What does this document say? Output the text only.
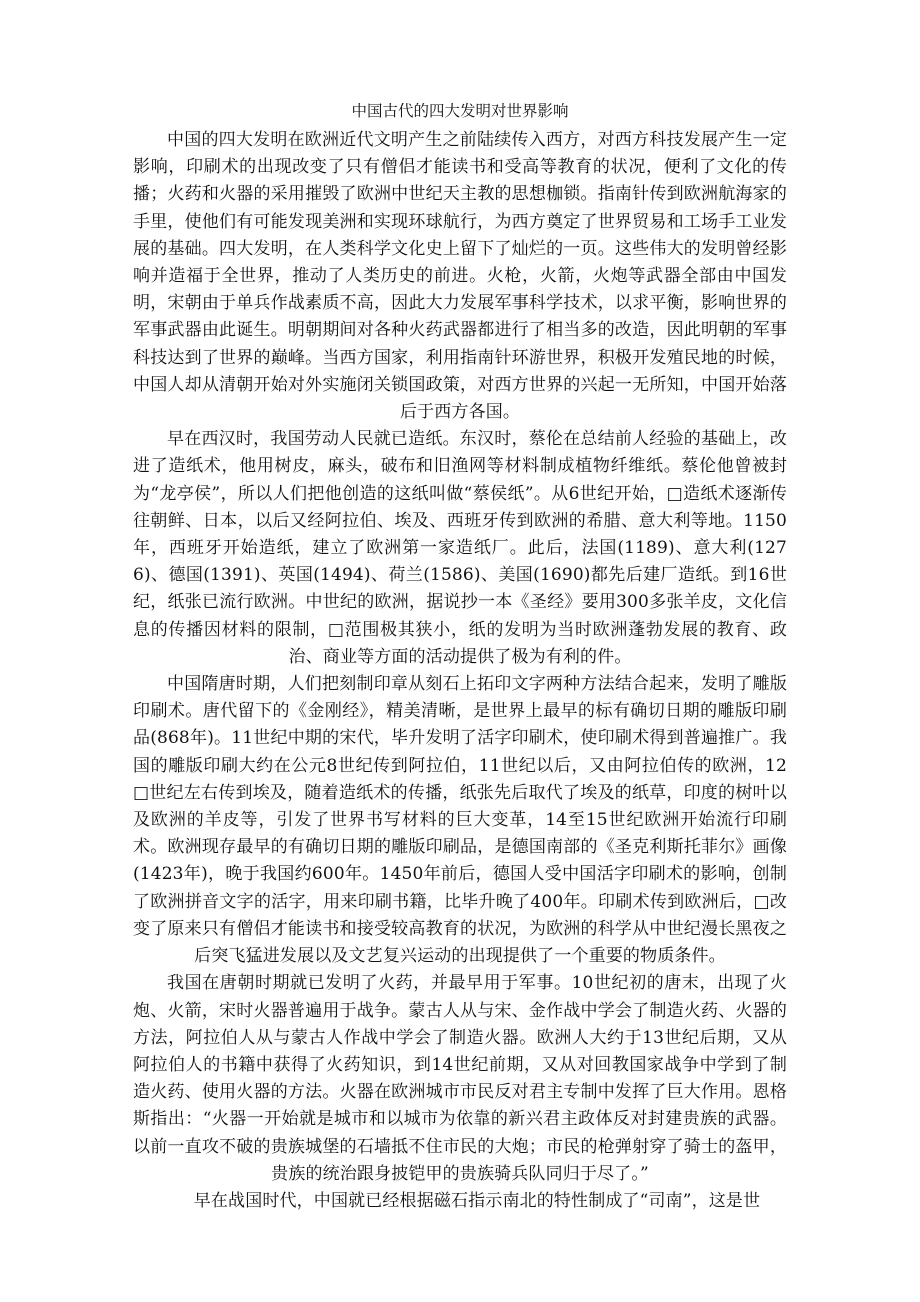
中国古代的四大发明对世界影响

中国的四大发明在欧洲近代文明产生之前陆续传入西方，对西方科技发展产生一定影响，印刷术的出现改变了只有僧侣才能读书和受高等教育的状况，便利了文化的传播；火药和火器的采用摧毁了欧洲中世纪天主教的思想枷锁。指南针传到欧洲航海家的手里，使他们有可能发现美洲和实现环球航行，为西方奠定了世界贸易和工场手工业发展的基础。四大发明，在人类科学文化史上留下了灿烂的一页。这些伟大的发明曾经影响并造福于全世界，推动了人类历史的前进。火枪，火箭，火炮等武器全部由中国发明，宋朝由于单兵作战素质不高，因此大力发展军事科学技术，以求平衡，影响世界的军事武器由此诞生。明朝期间对各种火药武器都进行了相当多的改造，因此明朝的军事科技达到了世界的巅峰。当西方国家，利用指南针环游世界，积极开发殖民地的时候，中国人却从清朝开始对外实施闭关锁国政策，对西方世界的兴起一无所知，中国开始落后于西方各国。

早在西汉时，我国劳动人民就已造纸。东汉时，蔡伦在总结前人经验的基础上，改进了造纸术，他用树皮，麻头，破布和旧渔网等材料制成植物纤维纸。蔡伦他曾被封为“龙亭侯”，所以人们把他创造的这纸叫做“蔡侯纸”。从6世纪开始，□造纸术逐渐传往朝鲜、日本，以后又经阿拉伯、埃及、西班牙传到欧洲的希腊、意大利等地。1150年，西班牙开始造纸，建立了欧洲第一家造纸厂。此后，法国(1189)、意大利(1276)、德国(1391)、英国(1494)、荷兰(1586)、美国(1690)都先后建厂造纸。到16世纪，纸张已流行欧洲。中世纪的欧洲，据说抄一本《圣经》要用300多张羊皮，文化信息的传播因材料的限制，□范围极其狭小，纸的发明为当时欧洲蓬勃发展的教育、政治、商业等方面的活动提供了极为有利的件。

中国隋唐时期，人们把刻制印章从刻石上拓印文字两种方法结合起来，发明了雕版印刷术。唐代留下的《金刚经》，精美清晰，是世界上最早的标有确切日期的雕版印刷品(868年)。11世纪中期的宋代，毕升发明了活字印刷术，使印刷术得到普遍推广。我国的雕版印刷大约在公元8世纪传到阿拉伯，11世纪以后，又由阿拉伯传的欧洲，12□世纪左右传到埃及，随着造纸术的传播，纸张先后取代了埃及的纸草，印度的树叶以及欧洲的羊皮等，引发了世界书写材料的巨大变革，14至15世纪欧洲开始流行印刷术。欧洲现存最早的有确切日期的雕版印刷品，是德国南部的《圣克利斯托菲尔》画像(1423年)，晚于我国约600年。1450年前后，德国人受中国活字印刷术的影响，创制了欧洲拼音文字的活字，用来印刷书籍，比毕升晚了400年。印刷术传到欧洲后，□改变了原来只有僧侣才能读书和接受较高教育的状况，为欧洲的科学从中世纪漫长黑夜之后突飞猛进发展以及文艺复兴运动的出现提供了一个重要的物质条件。

我国在唐朝时期就已发明了火药，并最早用于军事。10世纪初的唐末，出现了火炮、火箭，宋时火器普遍用于战争。蒙古人从与宋、金作战中学会了制造火药、火器的方法，阿拉伯人从与蒙古人作战中学会了制造火器。欧洲人大约于13世纪后期，又从阿拉伯人的书籍中获得了火药知识，到14世纪前期，又从对回教国家战争中学到了制造火药、使用火器的方法。火器在欧洲城市市民反对君主专制中发挥了巨大作用。恩格斯指出：“火器一开始就是城市和以城市为依靠的新兴君主政体反对封建贵族的武器。以前一直攻不破的贵族城堡的石墙抵不住市民的大炮；市民的枪弹射穿了骑士的盔甲，贵族的统治跟身披铠甲的贵族骑兵队同归于尽了。”

早在战国时代，中国就已经根据磁石指示南北的特性制成了“司南”，这是世
